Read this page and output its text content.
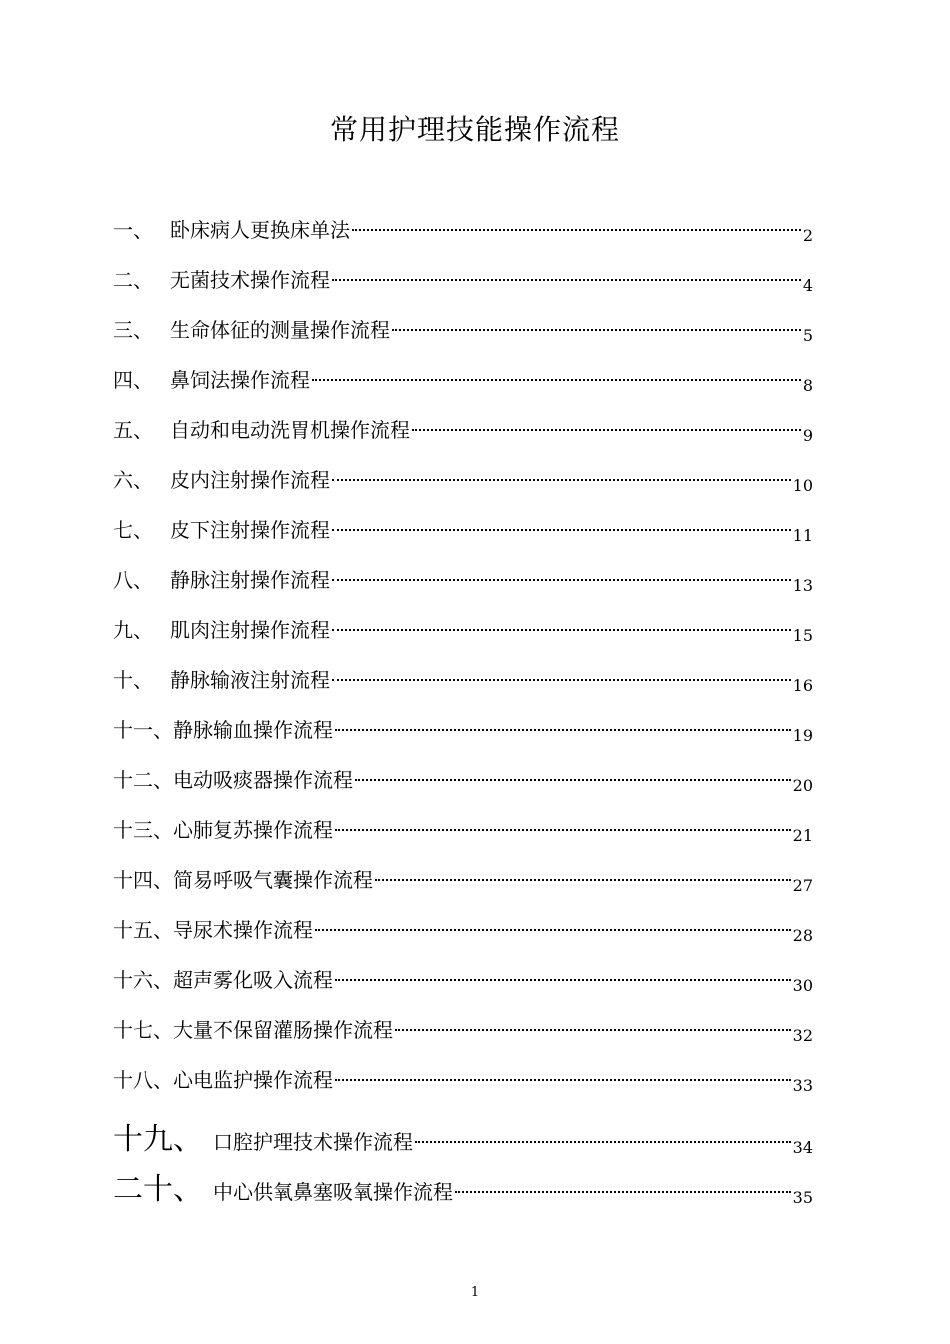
常用护理技能操作流程
一、 卧床病人更换床单法	2
二、 无菌技术操作流程	4
三、 生命体征的测量操作流程	5
四、 鼻饲法操作流程	8
五、 自动和电动洗胃机操作流程	9
六、 皮内注射操作流程	10
七、 皮下注射操作流程	11
八、 静脉注射操作流程	13
九、 肌肉注射操作流程	15
十、 静脉输液注射流程	16
十一、 静脉输血操作流程	19
十二、 电动吸痰器操作流程	20
十三、 心肺复苏操作流程	21
十四、 简易呼吸气囊操作流程	27
十五、 导尿术操作流程	28
十六、 超声雾化吸入流程	30
十七、 大量不保留灌肠操作流程	32
十八、 心电监护操作流程	33
十九、 口腔护理技术操作流程	34
二十、 中心供氧鼻塞吸氧操作流程	35
1
